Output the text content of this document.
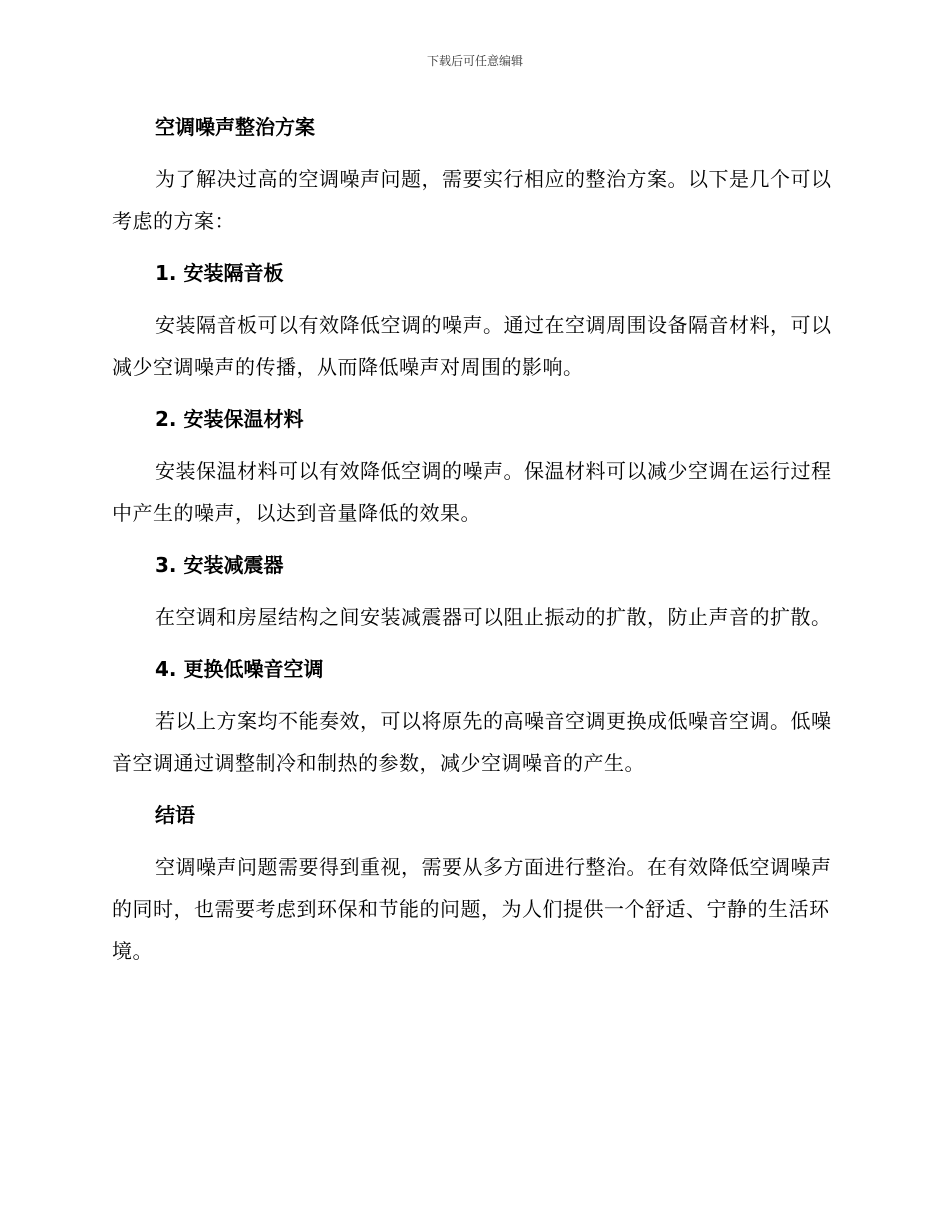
下载后可任意编辑
空调噪声整治方案
为了解决过高的空调噪声问题，需要实行相应的整治方案。以下是几个可以考虑的方案：
1. 安装隔音板
安装隔音板可以有效降低空调的噪声。通过在空调周围设备隔音材料，可以减少空调噪声的传播，从而降低噪声对周围的影响。
2. 安装保温材料
安装保温材料可以有效降低空调的噪声。保温材料可以减少空调在运行过程中产生的噪声，以达到音量降低的效果。
3. 安装减震器
在空调和房屋结构之间安装减震器可以阻止振动的扩散，防止声音的扩散。
4. 更换低噪音空调
若以上方案均不能奏效，可以将原先的高噪音空调更换成低噪音空调。低噪音空调通过调整制冷和制热的参数，减少空调噪音的产生。
结语
空调噪声问题需要得到重视，需要从多方面进行整治。在有效降低空调噪声的同时，也需要考虑到环保和节能的问题，为人们提供一个舒适、宁静的生活环境。
